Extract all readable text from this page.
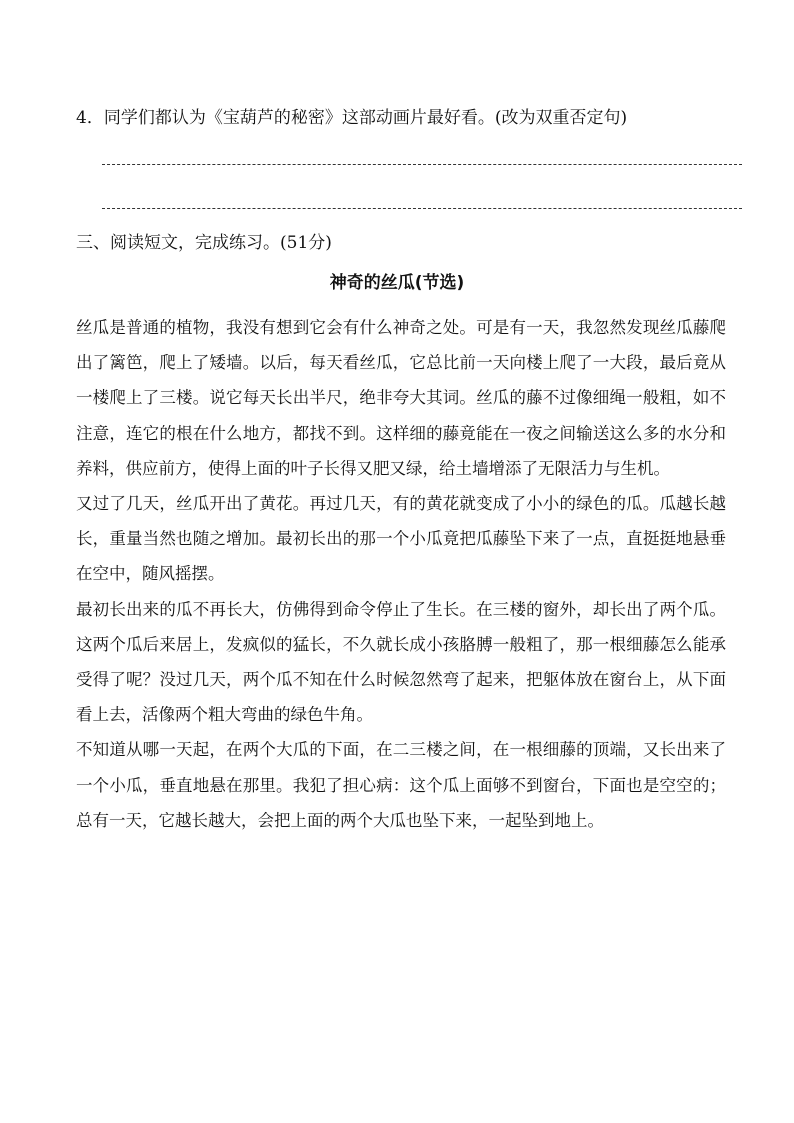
4．同学们都认为《宝葫芦的秘密》这部动画片最好看。(改为双重否定句)
三、阅读短文，完成练习。(51分)
神奇的丝瓜(节选)

丝瓜是普通的植物，我没有想到它会有什么神奇之处。可是有一天，我忽然发现丝瓜藤爬出了篱笆，爬上了矮墙。以后，每天看丝瓜，它总比前一天向楼上爬了一大段，最后竟从一楼爬上了三楼。说它每天长出半尺，绝非夸大其词。丝瓜的藤不过像细绳一般粗，如不注意，连它的根在什么地方，都找不到。这样细的藤竟能在一夜之间输送这么多的水分和养料，供应前方，使得上面的叶子长得又肥又绿，给土墙增添了无限活力与生机。

又过了几天，丝瓜开出了黄花。再过几天，有的黄花就变成了小小的绿色的瓜。瓜越长越长，重量当然也随之增加。最初长出的那一个小瓜竟把瓜藤坠下来了一点，直挺挺地悬垂在空中，随风摇摆。

最初长出来的瓜不再长大，仿佛得到命令停止了生长。在三楼的窗外，却长出了两个瓜。这两个瓜后来居上，发疯似的猛长，不久就长成小孩胳膊一般粗了，那一根细藤怎么能承受得了呢？没过几天，两个瓜不知在什么时候忽然弯了起来，把躯体放在窗台上，从下面看上去，活像两个粗大弯曲的绿色牛角。

不知道从哪一天起，在两个大瓜的下面，在二三楼之间，在一根细藤的顶端，又长出来了一个小瓜，垂直地悬在那里。我犯了担心病：这个瓜上面够不到窗台，下面也是空空的；总有一天，它越长越大，会把上面的两个大瓜也坠下来，一起坠到地上。
